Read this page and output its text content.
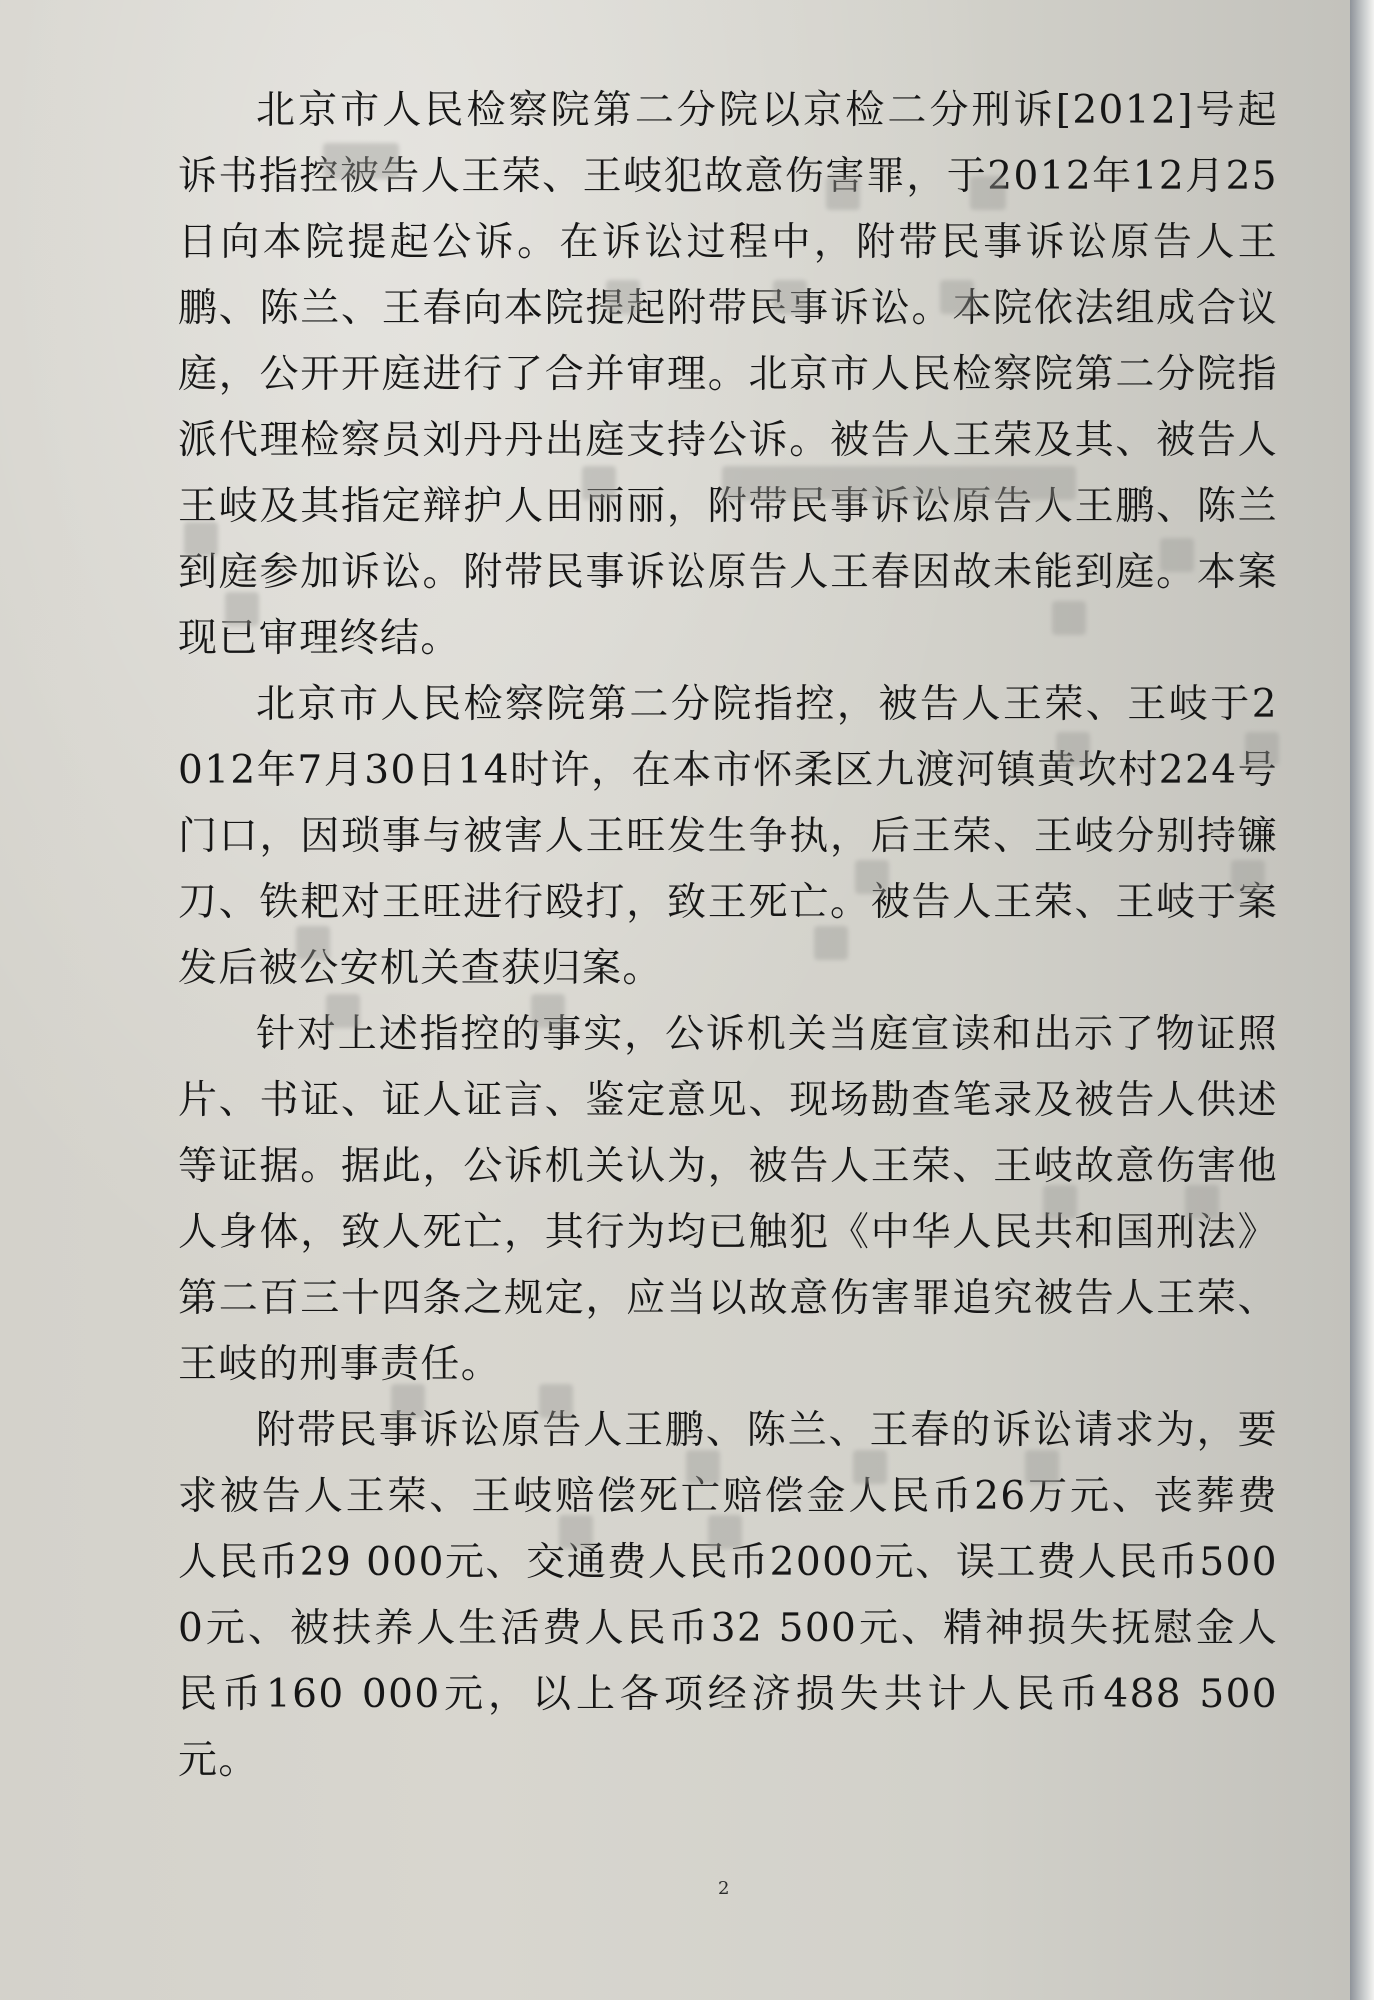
北京市人民检察院第二分院以京检二分刑诉[2012]号起诉书指控被告人王荣、王岐犯故意伤害罪，于2012年12月25日向本院提起公诉。在诉讼过程中，附带民事诉讼原告人王鹏、陈兰、王春向本院提起附带民事诉讼。本院依法组成合议庭，公开开庭进行了合并审理。北京市人民检察院第二分院指派代理检察员刘丹丹出庭支持公诉。被告人王荣及其、被告人王岐及其指定辩护人田丽丽，附带民事诉讼原告人王鹏、陈兰到庭参加诉讼。附带民事诉讼原告人王春因故未能到庭。本案现已审理终结。

北京市人民检察院第二分院指控，被告人王荣、王岐于2012年7月30日14时许，在本市怀柔区九渡河镇黄坎村224号门口，因琐事与被害人王旺发生争执，后王荣、王岐分别持镰刀、铁耙对王旺进行殴打，致王死亡。被告人王荣、王岐于案发后被公安机关查获归案。

针对上述指控的事实，公诉机关当庭宣读和出示了物证照片、书证、证人证言、鉴定意见、现场勘查笔录及被告人供述等证据。据此，公诉机关认为，被告人王荣、王岐故意伤害他人身体，致人死亡，其行为均已触犯《中华人民共和国刑法》第二百三十四条之规定，应当以故意伤害罪追究被告人王荣、王岐的刑事责任。

附带民事诉讼原告人王鹏、陈兰、王春的诉讼请求为，要求被告人王荣、王岐赔偿死亡赔偿金人民币26万元、丧葬费人民币29 000元、交通费人民币2000元、误工费人民币5000元、被扶养人生活费人民币32 500元、精神损失抚慰金人民币160 000元，以上各项经济损失共计人民币488 500元。

2
